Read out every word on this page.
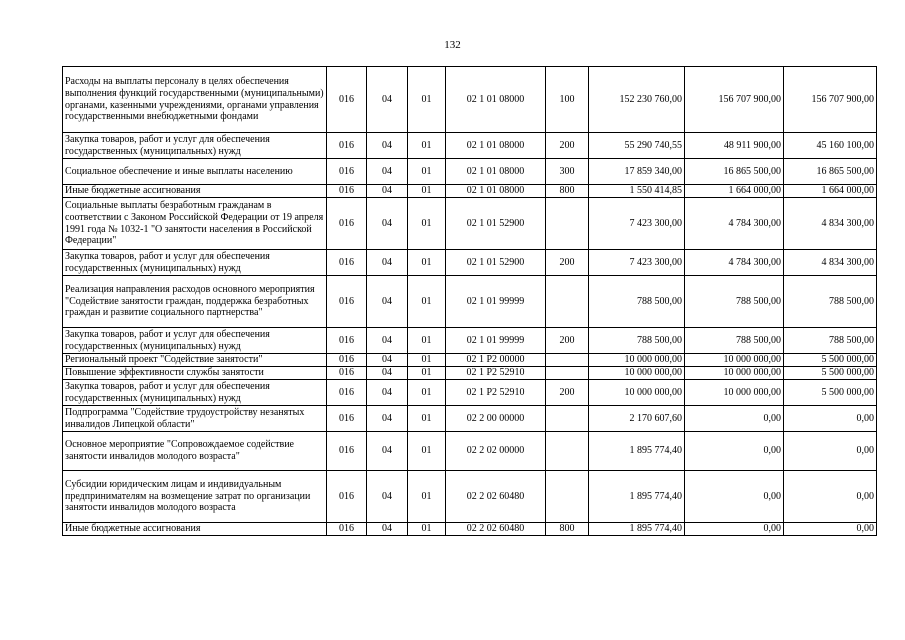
132
Расходы на выплаты персоналу в целях обеспечения выполнения функций государственными (муниципальными) органами, казенными учреждениями, органами управления государственными внебюджетными фондами	016	04	01	02 1 01 08000	100	152 230 760,00	156 707 900,00	156 707 900,00
Закупка товаров, работ и услуг для обеспечения государственных (муниципальных) нужд	016	04	01	02 1 01 08000	200	55 290 740,55	48 911 900,00	45 160 100,00
Социальное обеспечение и иные выплаты населению	016	04	01	02 1 01 08000	300	17 859 340,00	16 865 500,00	16 865 500,00
Иные бюджетные ассигнования	016	04	01	02 1 01 08000	800	1 550 414,85	1 664 000,00	1 664 000,00
Социальные выплаты безработным гражданам в соответствии с Законом Российской Федерации от 19 апреля 1991 года № 1032-1 "О занятости населения в Российской Федерации"	016	04	01	02 1 01 52900		7 423 300,00	4 784 300,00	4 834 300,00
Закупка товаров, работ и услуг для обеспечения государственных (муниципальных) нужд	016	04	01	02 1 01 52900	200	7 423 300,00	4 784 300,00	4 834 300,00
Реализация направления расходов основного мероприятия "Содействие занятости граждан, поддержка безработных граждан и развитие социального партнерства"	016	04	01	02 1 01 99999		788 500,00	788 500,00	788 500,00
Закупка товаров, работ и услуг для обеспечения государственных (муниципальных) нужд	016	04	01	02 1 01 99999	200	788 500,00	788 500,00	788 500,00
Региональный проект "Содействие занятости"	016	04	01	02 1 P2 00000		10 000 000,00	10 000 000,00	5 500 000,00
Повышение эффективности службы занятости	016	04	01	02 1 P2 52910		10 000 000,00	10 000 000,00	5 500 000,00
Закупка товаров, работ и услуг для обеспечения государственных (муниципальных) нужд	016	04	01	02 1 P2 52910	200	10 000 000,00	10 000 000,00	5 500 000,00
Подпрограмма "Содействие трудоустройству незанятых инвалидов Липецкой области"	016	04	01	02 2 00 00000		2 170 607,60	0,00	0,00
Основное мероприятие "Сопровождаемое содействие занятости инвалидов молодого возраста"	016	04	01	02 2 02 00000		1 895 774,40	0,00	0,00
Субсидии юридическим лицам и индивидуальным предпринимателям на возмещение затрат по организации занятости инвалидов молодого возраста	016	04	01	02 2 02 60480		1 895 774,40	0,00	0,00
Иные бюджетные ассигнования	016	04	01	02 2 02 60480	800	1 895 774,40	0,00	0,00
